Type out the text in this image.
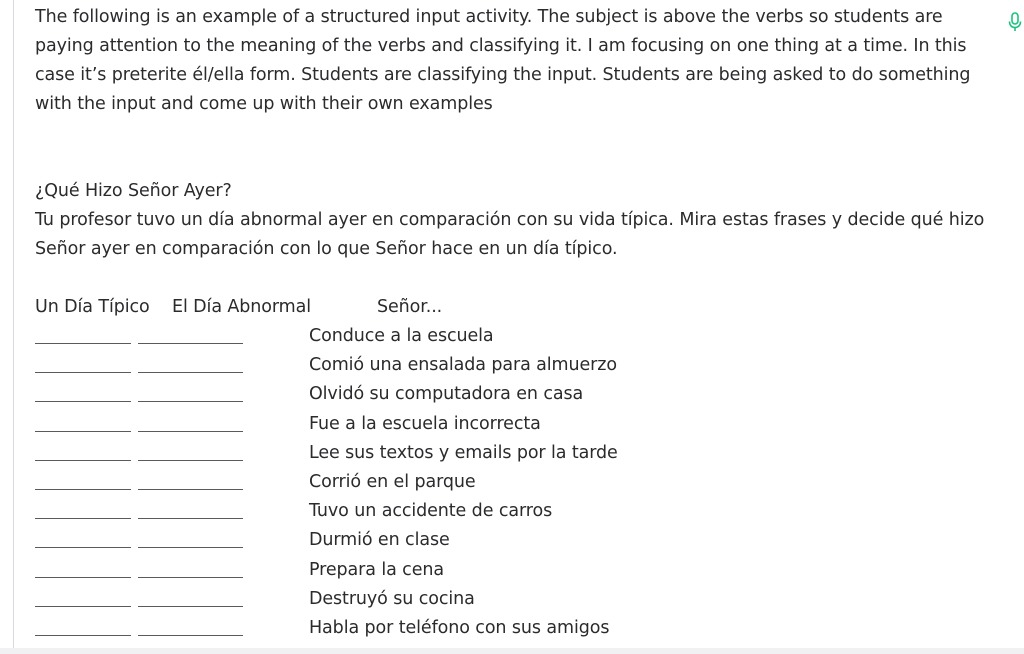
The following is an example of a structured input activity. The subject is above the verbs so students are paying attention to the meaning of the verbs and classifying it. I am focusing on one thing at a time. In this case it’s preterite él/ella form. Students are classifying the input. Students are being asked to do something with the input and come up with their own examples

¿Qué Hizo Señor Ayer?

Tu profesor tuvo un día abnormal ayer en comparación con su vida típica. Mira estas frases y decide qué hizo Señor ayer en comparación con lo que Señor hace en un día típico.

Un Día Típico El Día Abnormal	Señor...
Conduce a la escuela
Comió una ensalada para almuerzo
Olvidó su computadora en casa
Fue a la escuela incorrecta
Lee sus textos y emails por la tarde
Corrió en el parque
Tuvo un accidente de carros
Durmió en clase
Prepara la cena
Destruyó su cocina
Habla por teléfono con sus amigos
